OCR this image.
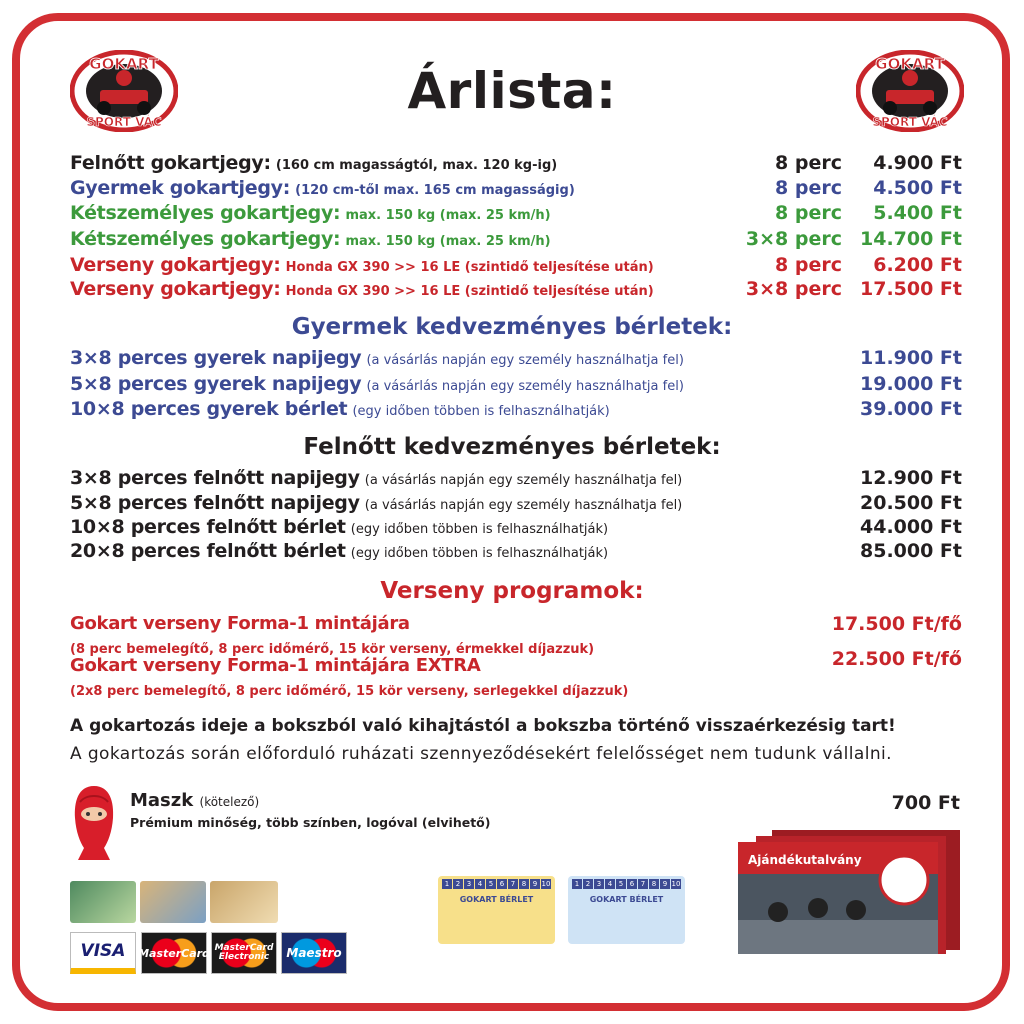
GOKART
SPORT VÁC
GOKART
SPORT VÁC
Árlista:
Felnőtt gokartjegy: (160 cm magasságtól, max. 120 kg-ig)	8 perc 4.900 Ft
Gyermek gokartjegy: (120 cm-től max. 165 cm magasságig)	8 perc 4.500 Ft
Kétszemélyes gokartjegy: max. 150 kg (max. 25 km/h)	8 perc 5.400 Ft
Kétszemélyes gokartjegy: max. 150 kg (max. 25 km/h)	3×8 perc 14.700 Ft
Verseny gokartjegy: Honda GX 390 >> 16 LE (szintidő teljesítése után)	8 perc 6.200 Ft
Verseny gokartjegy: Honda GX 390 >> 16 LE (szintidő teljesítése után)	3×8 perc 17.500 Ft
Gyermek kedvezményes bérletek:
3×8 perces gyerek napijegy (a vásárlás napján egy személy használhatja fel)	11.900 Ft
5×8 perces gyerek napijegy (a vásárlás napján egy személy használhatja fel)	19.000 Ft
10×8 perces gyerek bérlet (egy időben többen is felhasználhatják)	39.000 Ft
Felnőtt kedvezményes bérletek:
3×8 perces felnőtt napijegy (a vásárlás napján egy személy használhatja fel)	12.900 Ft
5×8 perces felnőtt napijegy (a vásárlás napján egy személy használhatja fel)	20.500 Ft
10×8 perces felnőtt bérlet (egy időben többen is felhasználhatják)	44.000 Ft
20×8 perces felnőtt bérlet (egy időben többen is felhasználhatják)	85.000 Ft
Verseny programok:
Gokart verseny Forma-1 mintájára	17.500 Ft/fő
(8 perc bemelegítő, 8 perc időmérő, 15 kör verseny, érmekkel díjazzuk)
Gokart verseny Forma-1 mintájára EXTRA	22.500 Ft/fő
(2x8 perc bemelegítő, 8 perc időmérő, 15 kör verseny, serlegekkel díjazzuk)
A gokartozás ideje a bokszból való kihajtástól a bokszba történő visszaérkezésig tart!
A gokartozás során előforduló ruházati szennyeződésekért felelősséget nem tudunk vállalni.
Maszk (kötelező)
Prémium minőség, több színben, logóval (elvihető)
700 Ft
VISA	MasterCard MasterCard Electronic	Maestro
1 2 3 4 5 6 7 8 9 10
GOKART BÉRLET
1 2 3 4 5 6 7 8 9 10
GOKART BÉRLET
Ajándékutalvány
